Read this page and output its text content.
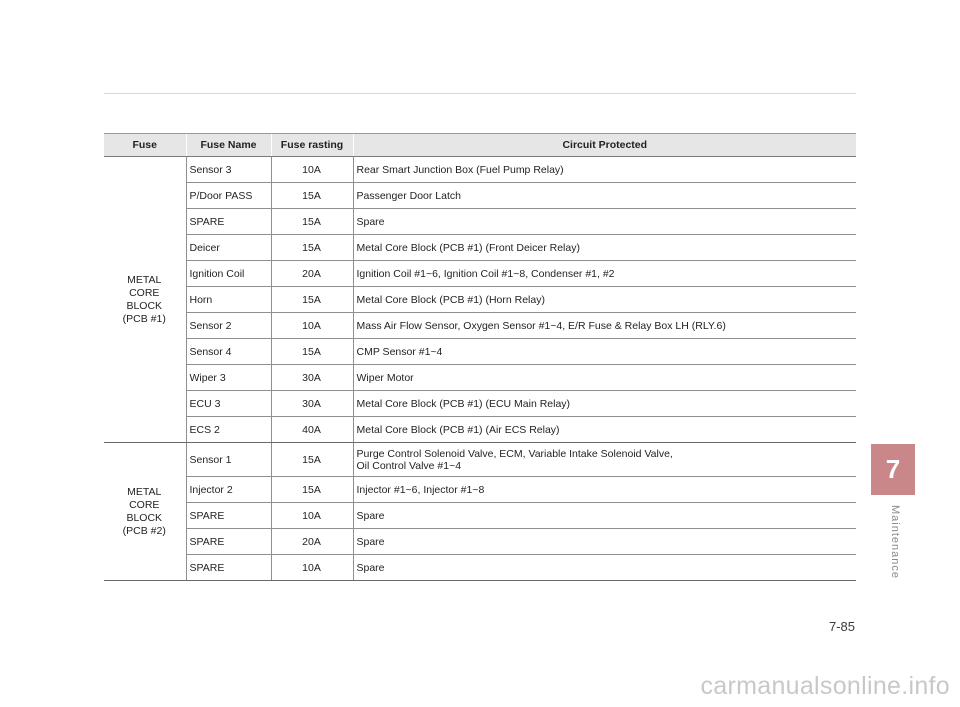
Fuse	Fuse Name	Fuse rasting	Circuit Protected

METAL
CORE
BLOCK
(PCB #1)	Sensor 3	10A	Rear Smart Junction Box (Fuel Pump Relay)

	P/Door PASS	15A	Passenger Door Latch

	SPARE	15A	Spare

	Deicer	15A	Metal Core Block (PCB #1) (Front Deicer Relay)

	Ignition Coil	20A	Ignition Coil #1~6, Ignition Coil #1~8, Condenser #1, #2

	Horn	15A	Metal Core Block (PCB #1) (Horn Relay)

	Sensor 2	10A	Mass Air Flow Sensor, Oxygen Sensor #1~4, E/R Fuse & Relay Box LH (RLY.6)

	Sensor 4	15A	CMP Sensor #1~4

	Wiper 3	30A	Wiper Motor

	ECU 3	30A	Metal Core Block (PCB #1) (ECU Main Relay)

	ECS 2	40A	Metal Core Block (PCB #1) (Air ECS Relay)

METAL
CORE
BLOCK
(PCB #2)	Sensor 1	15A	Purge Control Solenoid Valve, ECM, Variable Intake Solenoid Valve,
Oil Control Valve #1~4

	Injector 2	15A	Injector #1~6, Injector #1~8

	SPARE	10A	Spare

	SPARE	20A	Spare

	SPARE	10A	Spare
7
Maintenance
7-85
carmanualsonline.info
